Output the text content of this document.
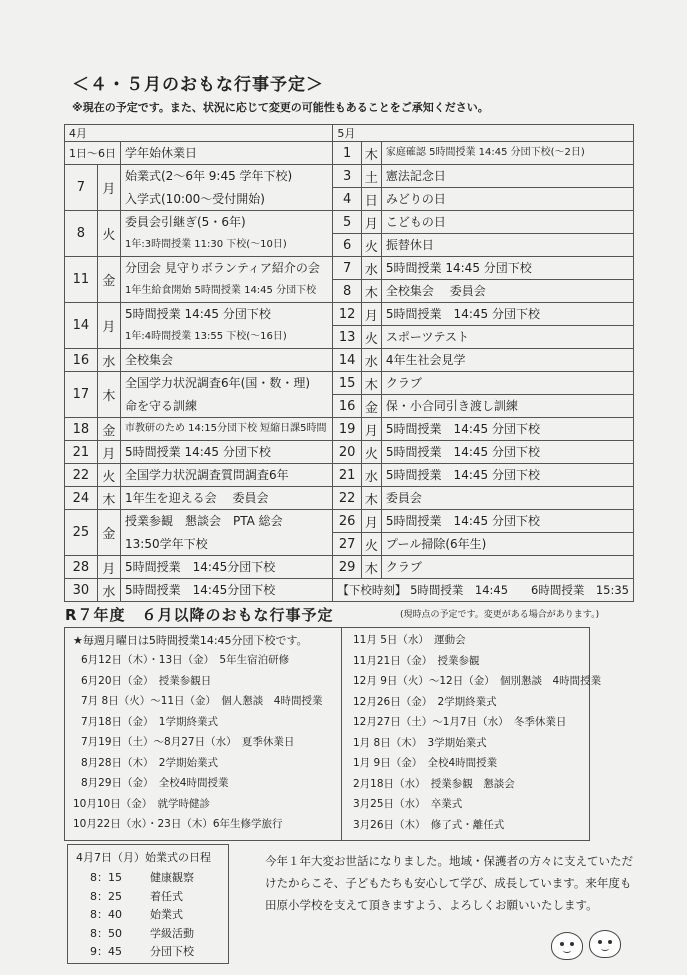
＜４・５月のおもな行事予定＞
※現在の予定です。また、状況に応じて変更の可能性もあることをご承知ください。
4月			5月		
1日～6日		学年始休業日	1	木	家庭確認 5時間授業 14:45 分団下校(～2日)
7	月	始業式(2～6年 9:45 学年下校)	3	土	憲法記念日
		入学式(10:00～受付開始)	4	日	みどりの日
8	火	委員会引継ぎ(5・6年)	5	月	こどもの日
		1年:3時間授業 11:30 下校(～10日)	6	火	振替休日
11	金	分団会 見守りボランティア紹介の会	7	水	5時間授業 14:45 分団下校
		1年生給食開始 5時間授業 14:45 分団下校	8	木	全校集会　 委員会
14	月	5時間授業 14:45 分団下校	12	月	5時間授業　14:45 分団下校
		1年:4時間授業 13:55 下校(～16日)	13	火	スポーツテスト
16	水	全校集会	14	水	4年生社会見学
17	木	全国学力状況調査6年(国・数・理)	15	木	クラブ
		命を守る訓練	16	金	保・小合同引き渡し訓練
18	金	市教研のため 14:15分団下校 短縮日課5時間	19	月	5時間授業　14:45 分団下校
21	月	5時間授業 14:45 分団下校	20	火	5時間授業　14:45 分団下校
22	火	全国学力状況調査質問調査6年	21	水	5時間授業　14:45 分団下校
24	木	1年生を迎える会　 委員会	22	木	委員会
25	金	授業参観　懇談会　PTA 総会	26	月	5時間授業　14:45 分団下校
		13:50学年下校	27	火	プール掃除(6年生)
28	月	5時間授業　14:45分団下校	29	木	クラブ
30	水	5時間授業　14:45分団下校	【下校時刻】 5時間授業　14:45　　6時間授業　15:35		
R７年度　６月以降のおもな行事予定	(現時点の予定です。変更がある場合があります。)
★毎週月曜日は5時間授業14:45分団下校です。
6月12日（木）・13日（金）　5年生宿泊研修
6月20日（金）　授業参観日
7月 8日（火）～11日（金）　個人懇談　4時間授業
7月18日（金）　1学期終業式
7月19日（土）～8月27日（水）　夏季休業日
8月28日（木）　2学期始業式
8月29日（金）　全校4時間授業
10月10日（金）　就学時健診
10月22日（水）・23日（木）6年生修学旅行
11月 5日（水）　運動会
11月21日（金）　授業参観
12月 9日（火）～12日（金）　個別懇談　4時間授業
12月26日（金）　2学期終業式
12月27日（土）～1月7日（水）　冬季休業日
1月 8日（木）　3学期始業式
1月 9日（金）　全校4時間授業
2月18日（水）　授業参観　懇談会
3月25日（水）　卒業式
3月26日（木）　修了式・離任式
4月7日（月）始業式の日程
8：15	健康観察
8：25	着任式
8：40	始業式
8：50	学級活動
9：45	分団下校
今年１年大変お世話になりました。地域・保護者の方々に支えていただけたからこそ、子どもたちも安心して学び、成長しています。来年度も田原小学校を支えて頂きますよう、よろしくお願いいたします。
